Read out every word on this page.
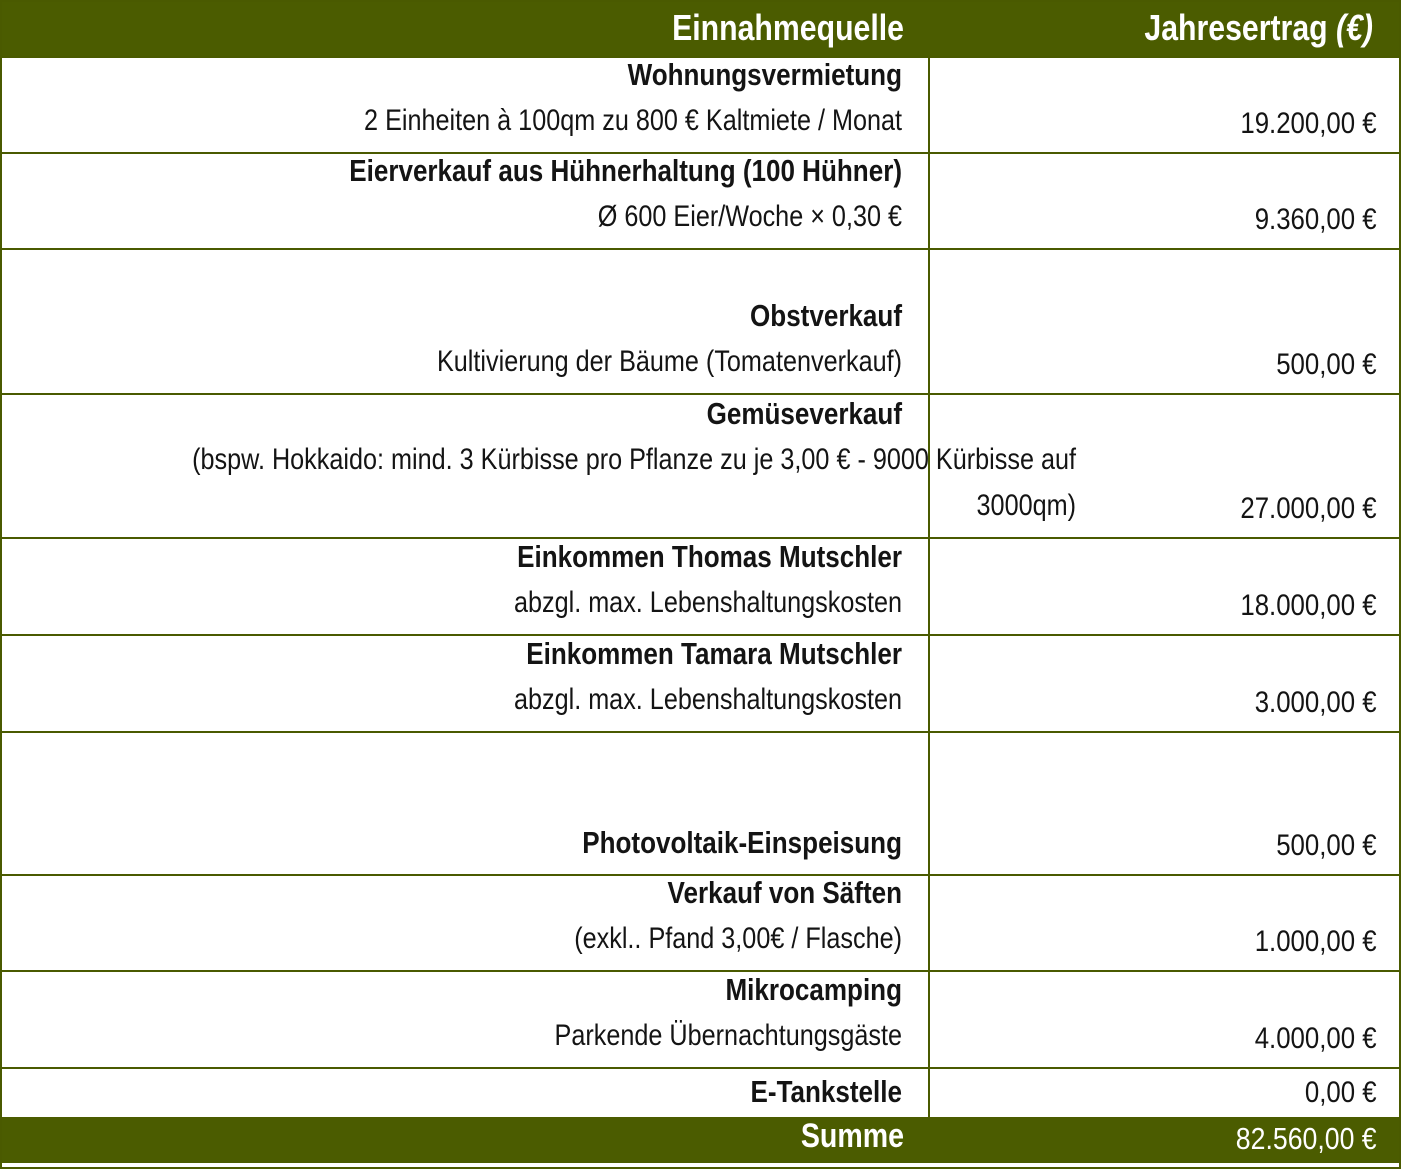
Einnahmequelle	Jahresertrag (€)
Wohnungsvermietung
2 Einheiten à 100qm zu 800 € Kaltmiete / Monat	19.200,00 €
Eierverkauf aus Hühnerhaltung (100 Hühner)
Ø 600 Eier/Woche × 0,30 €	9.360,00 €
Obstverkauf
Kultivierung der Bäume (Tomatenverkauf)	500,00 €
Gemüseverkauf
(bspw. Hokkaido: mind. 3 Kürbisse pro Pflanze zu je 3,00 € - 9000 Kürbisse auf 3000qm)	27.000,00 €
Einkommen Thomas Mutschler
abzgl. max. Lebenshaltungskosten	18.000,00 €
Einkommen Tamara Mutschler
abzgl. max. Lebenshaltungskosten	3.000,00 €
Photovoltaik-Einspeisung	500,00 €
Verkauf von Säften
(exkl.. Pfand 3,00€ / Flasche)	1.000,00 €
Mikrocamping
Parkende Übernachtungsgäste	4.000,00 €
E-Tankstelle	0,00 €
Summe	82.560,00 €
